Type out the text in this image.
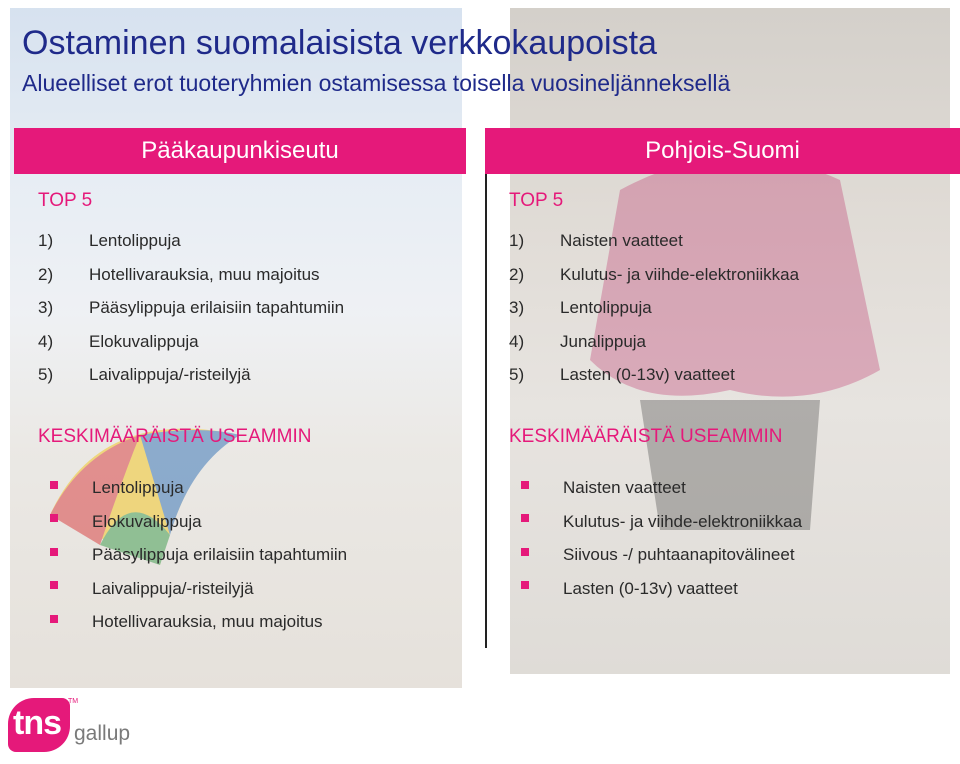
Ostaminen suomalaisista verkkokaupoista
Alueelliset erot tuoteryhmien ostamisessa toisella vuosineljänneksellä
Pääkaupunkiseutu	Pohjois-Suomi
TOP 5
1) Lentolippuja
2) Hotellivarauksia, muu majoitus
3) Pääsylippuja erilaisiin tapahtumiin
4) Elokuvalippuja
5) Laivalippuja/-risteilyjä
KESKIMÄÄRÄISTÄ USEAMMIN
Lentolippuja
Elokuvalippuja
Pääsylippuja erilaisiin tapahtumiin
Laivalippuja/-risteilyjä
Hotellivarauksia, muu majoitus
TOP 5
1) Naisten vaatteet
2) Kulutus- ja viihde-elektroniikkaa
3) Lentolippuja
4) Junalippuja
5) Lasten (0-13v) vaatteet
KESKIMÄÄRÄISTÄ USEAMMIN
Naisten vaatteet
Kulutus- ja viihde-elektroniikkaa
Siivous -/ puhtaanapitovälineet
Lasten (0-13v) vaatteet
tns
TM
gallup
